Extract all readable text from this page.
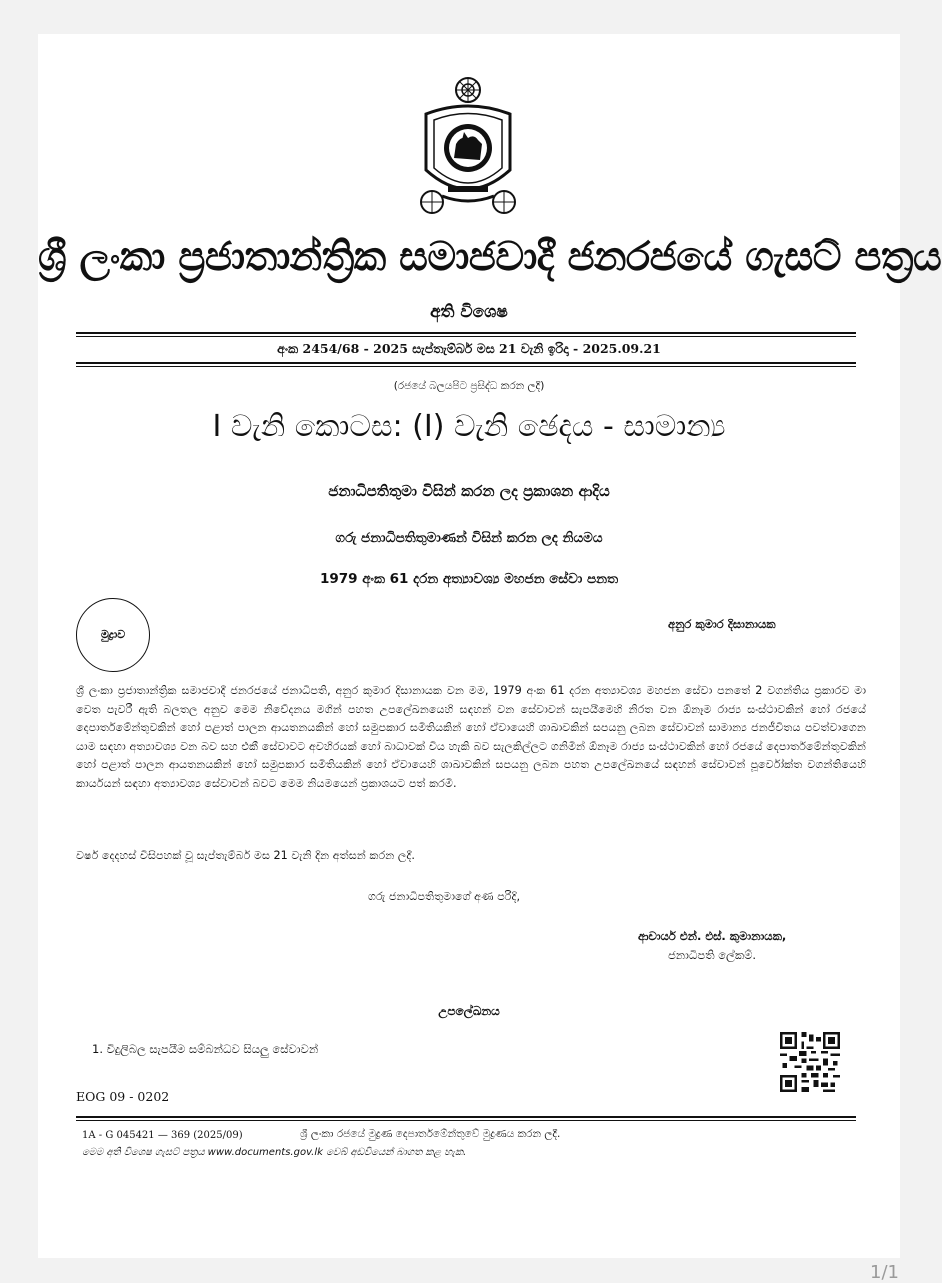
ශ්‍රී ලංකා ප්‍රජාතාන්ත්‍රික සමාජවාදී ජනරජයේ ගැසට් පත්‍රය
අති විශෙෂ
අංක 2454/68 - 2025 සැප්තැම්බර් මස 21 වැනි ඉරිදා - 2025.09.21
(රජයේ බලයපිට ප්‍රසිද්ධ කරන ලදි)
I වැනි කොටස: (I) වැනි ඡෙදය - සාමාන්‍ය
ජනාධිපතිතුමා විසින් කරන ලද ප්‍රකාශන ආදිය
ගරු ජනාධිපතිතුමාණන් විසින් කරන ලද නියමය
1979 අංක 61 දරන අත්‍යාවශ්‍ය මහජන සේවා පනත
මුද්‍රාව
අනුර කුමාර දිසානායක
ශ්‍රී ලංකා ප්‍රජාතාන්ත්‍රික සමාජවාදී ජනරජයේ ජනාධිපති, අනුර කුමාර දිසානායක වන මම, 1979 අංක 61 දරන අත්‍යාවශ්‍ය මහජන සේවා පනතේ 2 වගන්තිය ප්‍රකාරව මා වෙත පැවරී ඇති බලතල අනුව මෙම නිවේදනය මගින් පහත උපලේඛනයෙහි සඳහන් වන සේවාවන් සැපයීමෙහි නිරත වන ඕනෑම රාජ්‍ය සංස්ථාවකින් හෝ රජයේ දෙපාර්තමේන්තුවකින් හෝ පළාත් පාලන ආයතනයකින් හෝ සමුපකාර සමිතියකින් හෝ ඒවායෙහි ශාඛාවකින් සපයනු ලබන සේවාවන් සාමාන්‍ය ජනජීවිතය පවත්වාගෙන යාම සඳහා අත්‍යාවශ්‍ය වන බව සහ එකී සේවාවට අවහිරයක් හෝ බාධාවක් විය හැකි බව සැලකිල්ලට ගනිමින් ඕනෑම රාජ්‍ය සංස්ථාවකින් හෝ රජයේ දෙපාර්තමේන්තුවකින් හෝ පළාත් පාලන ආයතනයකින් හෝ සමුපකාර සමිතියකින් හෝ ඒවායෙහි ශාඛාවකින් සපයනු ලබන පහත උපලේඛනයේ සඳහන් සේවාවන් පූර්වෝක්ත වගන්තියෙහි කාර්යයන් සඳහා අත්‍යාවශ්‍ය සේවාවන් බවට මෙම නියමයෙන් ප්‍රකාශයට පත් කරමි.
වර්ෂ දෙදහස් විසිපහක් වූ සැප්තැම්බර් මස 21 වැනි දින අත්සන් කරන ලදී.
ගරු ජනාධිපතිතුමාගේ අණ පරිදි,
ආචාර්ය එන්. එස්. කුමානායක,
ජනාධිපති ලේකම්.
උපලේඛනය
1. විදුලිබල සැපයීම සම්බන්ධව සියලු සේවාවන්
EOG 09 - 0202
1A - G 045421 — 369 (2025/09)	ශ්‍රී ලංකා රජයේ මුද්‍රණ දෙපාර්තමේන්තුවේ මුද්‍රණය කරන ලදී.
මෙම අති විශෙෂ ගැසට් පත්‍රය www.documents.gov.lk වෙබ් අඩවියෙන් බාගත කළ හැක.
1/1
